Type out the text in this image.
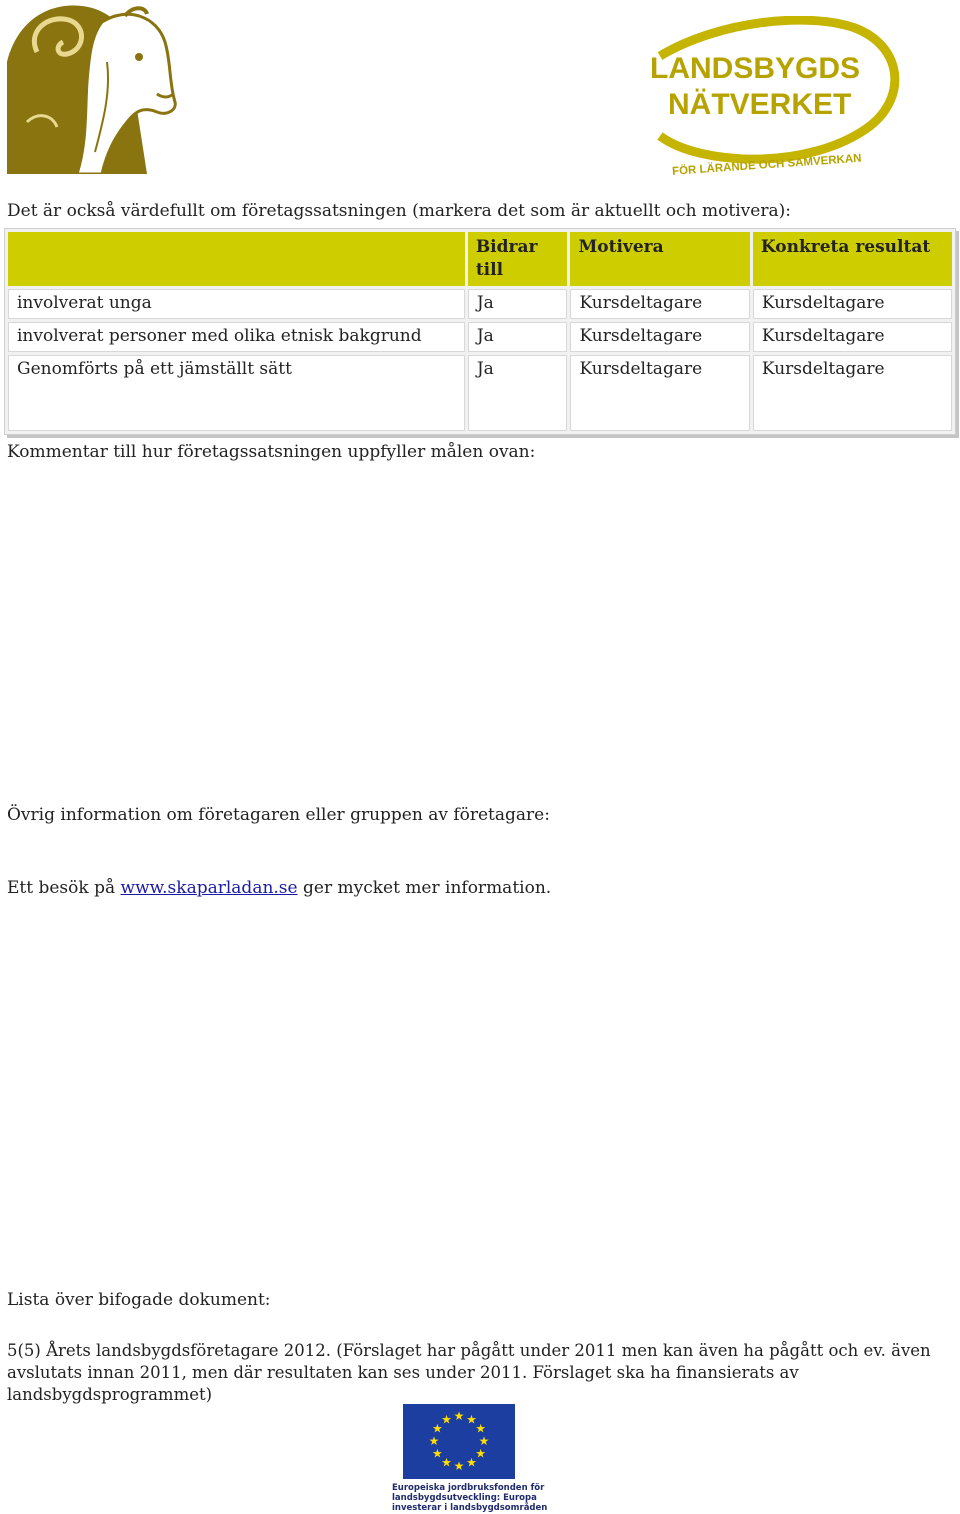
LANDSBYGDS
NÄTVERKET
FÖR LÄRANDE OCH SAMVERKAN
Det är också värdefullt om företagssatsningen (markera det som är aktuellt och motivera):
	Bidrar till	Motivera	Konkreta resultat
involverat unga	Ja	Kursdeltagare	Kursdeltagare
involverat personer med olika etnisk bakgrund	Ja	Kursdeltagare	Kursdeltagare
Genomförts på ett jämställt sätt	Ja	Kursdeltagare	Kursdeltagare
Kommentar till hur företagssatsningen uppfyller målen ovan:
Övrig information om företagaren eller gruppen av företagare:
Ett besök på www.skaparladan.se ger mycket mer information.
Lista över bifogade dokument:
5(5) Årets landsbygdsföretagare 2012. (Förslaget har pågått under 2011 men kan även ha pågått och ev. även avslutats innan 2011, men där resultaten kan ses under 2011. Förslaget ska ha finansierats av landsbygdsprogrammet)
★ ★
★
★
★
★
★
★
★
★
★
★
Europeiska jordbruksfonden för
landsbygdsutveckling: Europa
investerar i landsbygdsområden
